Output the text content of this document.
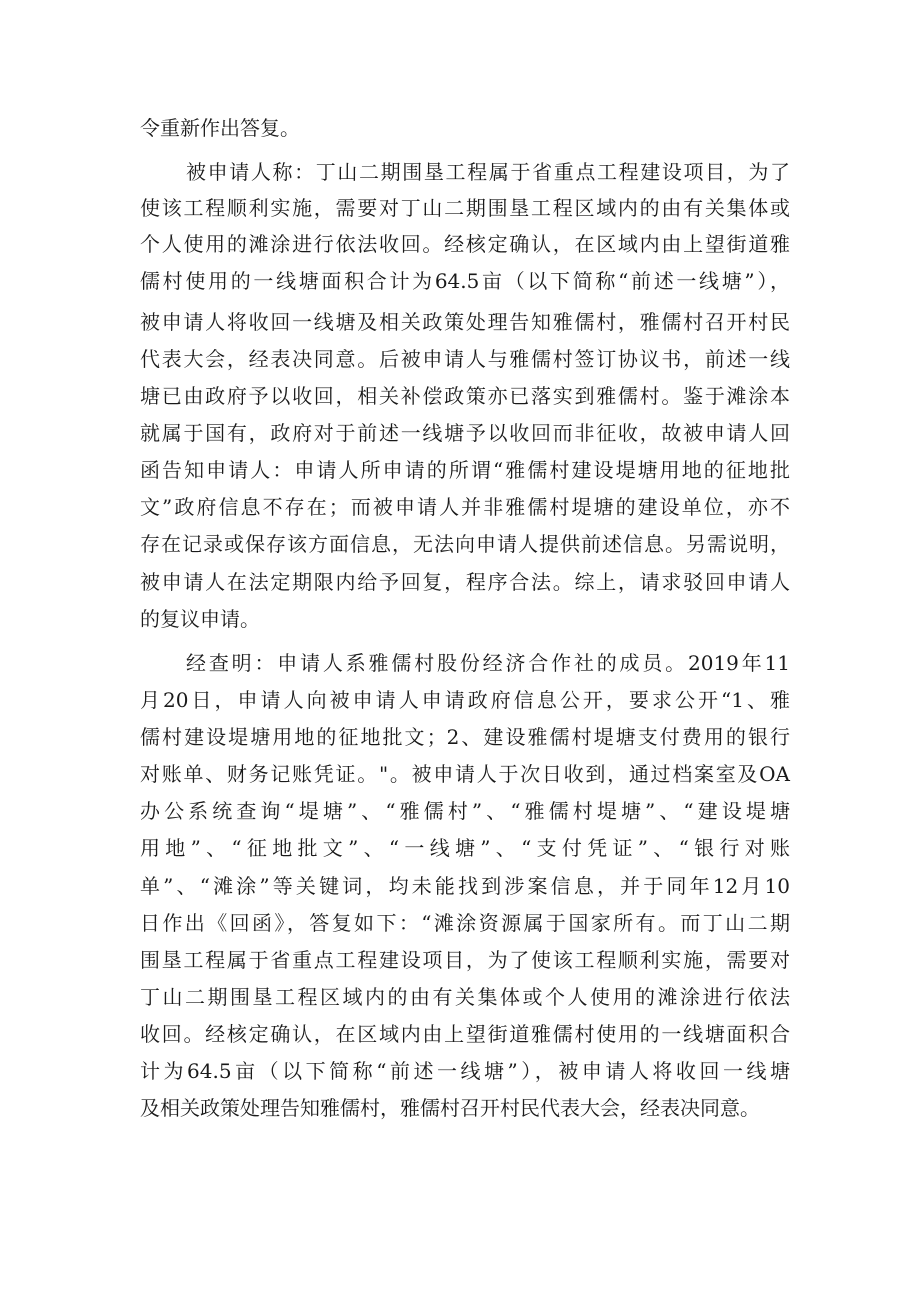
令重新作出答复。
被申请人称：丁山二期围垦工程属于省重点工程建设项目，为了
使该工程顺利实施，需要对丁山二期围垦工程区域内的由有关集体或
个人使用的滩涂进行依法收回。经核定确认，在区域内由上望街道雅
儒村使用的一线塘面积合计为64.5亩（以下简称“前述一线塘”），
被申请人将收回一线塘及相关政策处理告知雅儒村，雅儒村召开村民
代表大会，经表决同意。后被申请人与雅儒村签订协议书，前述一线
塘已由政府予以收回，相关补偿政策亦已落实到雅儒村。鉴于滩涂本
就属于国有，政府对于前述一线塘予以收回而非征收，故被申请人回
函告知申请人：申请人所申请的所谓“雅儒村建设堤塘用地的征地批
文”政府信息不存在；而被申请人并非雅儒村堤塘的建设单位，亦不
存在记录或保存该方面信息，无法向申请人提供前述信息。另需说明，
被申请人在法定期限内给予回复，程序合法。综上，请求驳回申请人
的复议申请。
经查明：申请人系雅儒村股份经济合作社的成员。2019年11
月20日，申请人向被申请人申请政府信息公开，要求公开“1、雅
儒村建设堤塘用地的征地批文；2、建设雅儒村堤塘支付费用的银行
对账单、财务记账凭证。"。被申请人于次日收到，通过档案室及OA
办公系统查询“堤塘”、“雅儒村”、“雅儒村堤塘”、“建设堤塘
用地”、“征地批文”、“一线塘”、“支付凭证”、“银行对账
单”、“滩涂”等关键词，均未能找到涉案信息，并于同年12月10
日作出《回函》，答复如下：“滩涂资源属于国家所有。而丁山二期
围垦工程属于省重点工程建设项目，为了使该工程顺利实施，需要对
丁山二期围垦工程区域内的由有关集体或个人使用的滩涂进行依法
收回。经核定确认，在区域内由上望街道雅儒村使用的一线塘面积合
计为64.5亩（以下简称“前述一线塘”），被申请人将收回一线塘
及相关政策处理告知雅儒村，雅儒村召开村民代表大会，经表决同意。
